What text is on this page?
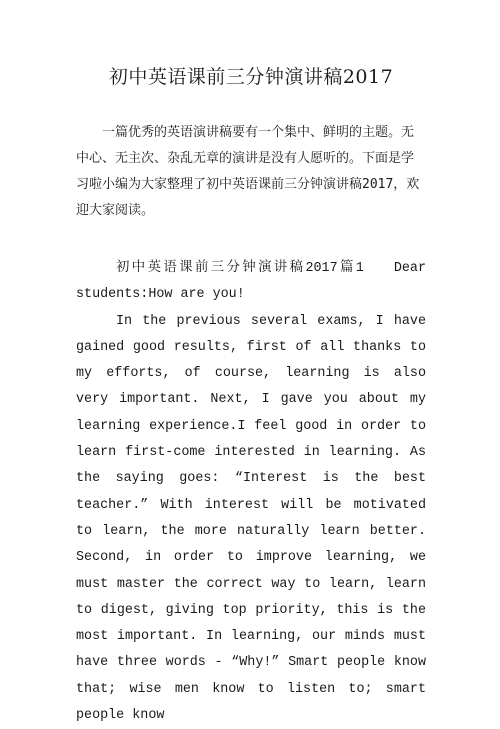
初中英语课前三分钟演讲稿2017

一篇优秀的英语演讲稿要有一个集中、鲜明的主题。无中心、无主次、杂乱无章的演讲是没有人愿听的。下面是学习啦小编为大家整理了初中英语课前三分钟演讲稿2017，欢迎大家阅读。

初中英语课前三分钟演讲稿2017篇1 Dear students:How are you!

In the previous several exams, I have gained good results, first of all thanks to my efforts, of course, learning is also very important. Next, I gave you about my learning experience.I feel good in order to learn first-come interested in learning. As the saying goes: “Interest is the best teacher.” With interest will be motivated to learn, the more naturally learn better. Second, in order to improve learning, we must master the correct way to learn, learn to digest, giving top priority, this is the most important. In learning, our minds must have three words - “Why!” Smart people know that; wise men know to listen to; smart people know
